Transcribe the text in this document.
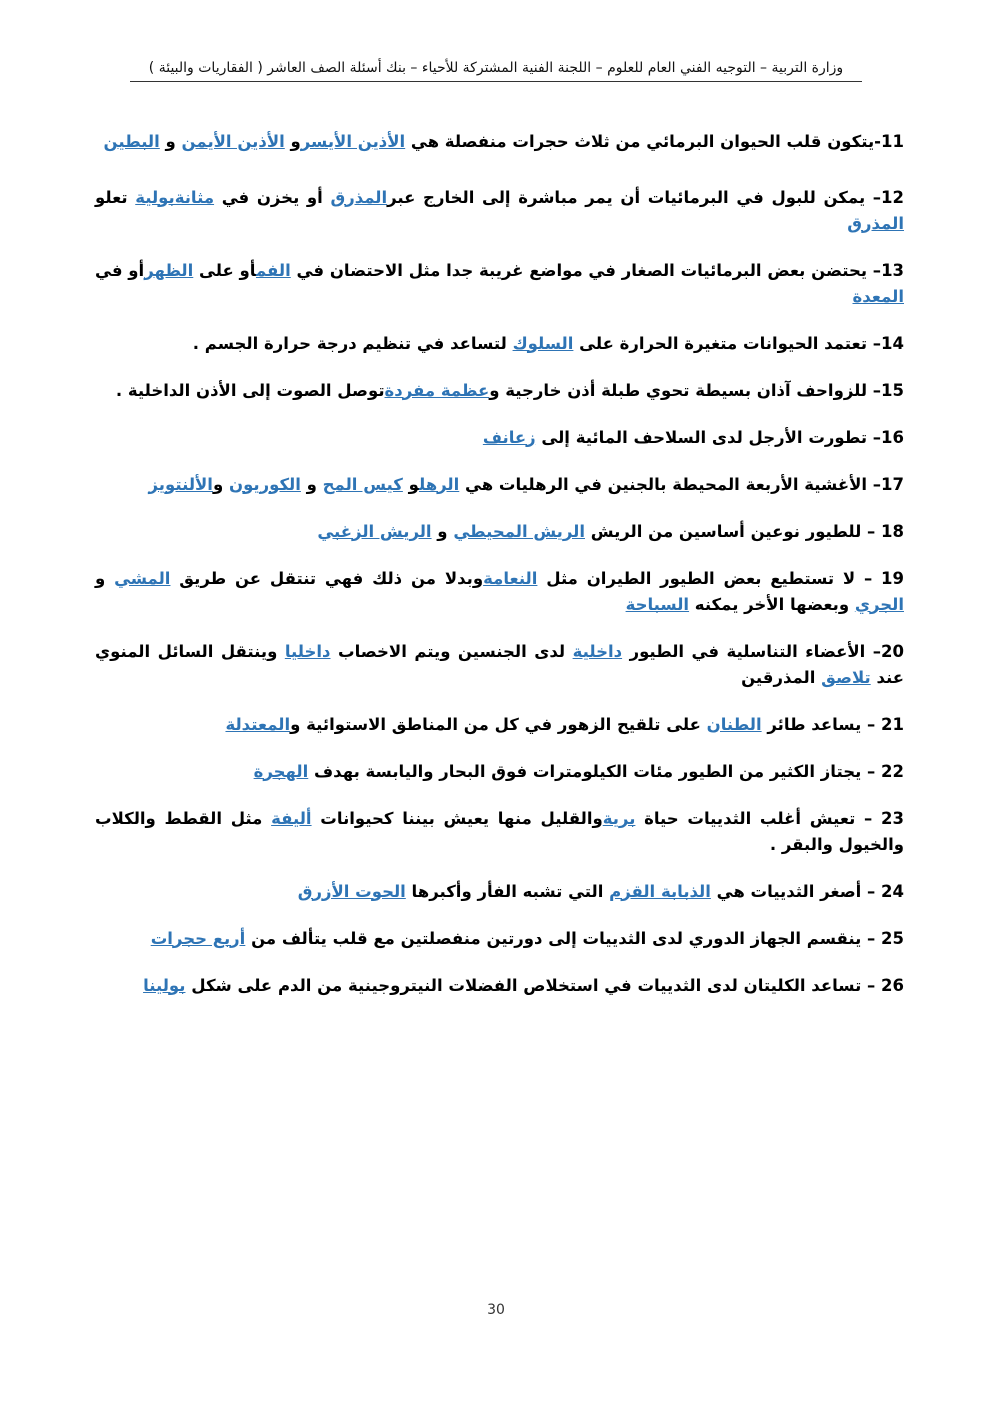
وزارة التربية – التوجيه الفني العام للعلوم – اللجنة الفنية المشتركة للأحياء – بنك أسئلة الصف العاشر ( الفقاريات والبيئة )

11-يتكون قلب الحيوان البرمائي من ثلاث حجرات منفصلة هي الأذين الأيسرو الأذين الأيمن و البطين

12– يمكن للبول في البرمائيات أن يمر مباشرة إلى الخارج عبرالمذرق أو يخزن في مثانةبولية تعلو المذرق

13– يحتضن بعض البرمائيات الصغار في مواضع غريبة جدا مثل الاحتضان في الفمأو على الظهرأو في المعدة

14– تعتمد الحيوانات متغيرة الحرارة على السلوك لتساعد في تنظيم درجة حرارة الجسم .

15– للزواحف آذان بسيطة تحوي طبلة أذن خارجية وعظمة مفردةتوصل الصوت إلى الأذن الداخلية .

16– تطورت الأرجل لدى السلاحف المائية إلى زعانف

17– الأغشية الأربعة المحيطة بالجنين في الرهليات هي الرهلو كيس المح و الكوريون والألنتويز

18 – للطيور نوعين أساسين من الريش الريش المحيطي و الريش الزغبي

19 – لا تستطيع بعض الطيور الطيران مثل النعامةوبدلا من ذلك فهي تنتقل عن طريق المشي و الجري وبعضها الأخر يمكنه السباحة

20– الأعضاء التناسلية في الطيور داخلية لدى الجنسين ويتم الاخصاب داخليا وينتقل السائل المنوي عند تلاصق المذرقين

21 – يساعد طائر الطنان على تلقيح الزهور في كل من المناطق الاستوائية والمعتدلة

22 – يجتاز الكثير من الطيور مئات الكيلومترات فوق البحار واليابسة بهدف الهجرة

23 – تعيش أغلب الثدييات حياة بريةوالقليل منها يعيش بيننا كحيوانات أليفة مثل القطط والكلاب والخيول والبقر .

24 – أصغر الثدييات هي الذبابة القزم التي تشبه الفأر وأكبرها الحوت الأزرق

25 – ينقسم الجهاز الدوري لدى الثدييات إلى دورتين منفصلتين مع قلب يتألف من أربع حجرات

26 – تساعد الكليتان لدى الثدييات في استخلاص الفضلات النيتروجينية من الدم على شكل بولينا

30
